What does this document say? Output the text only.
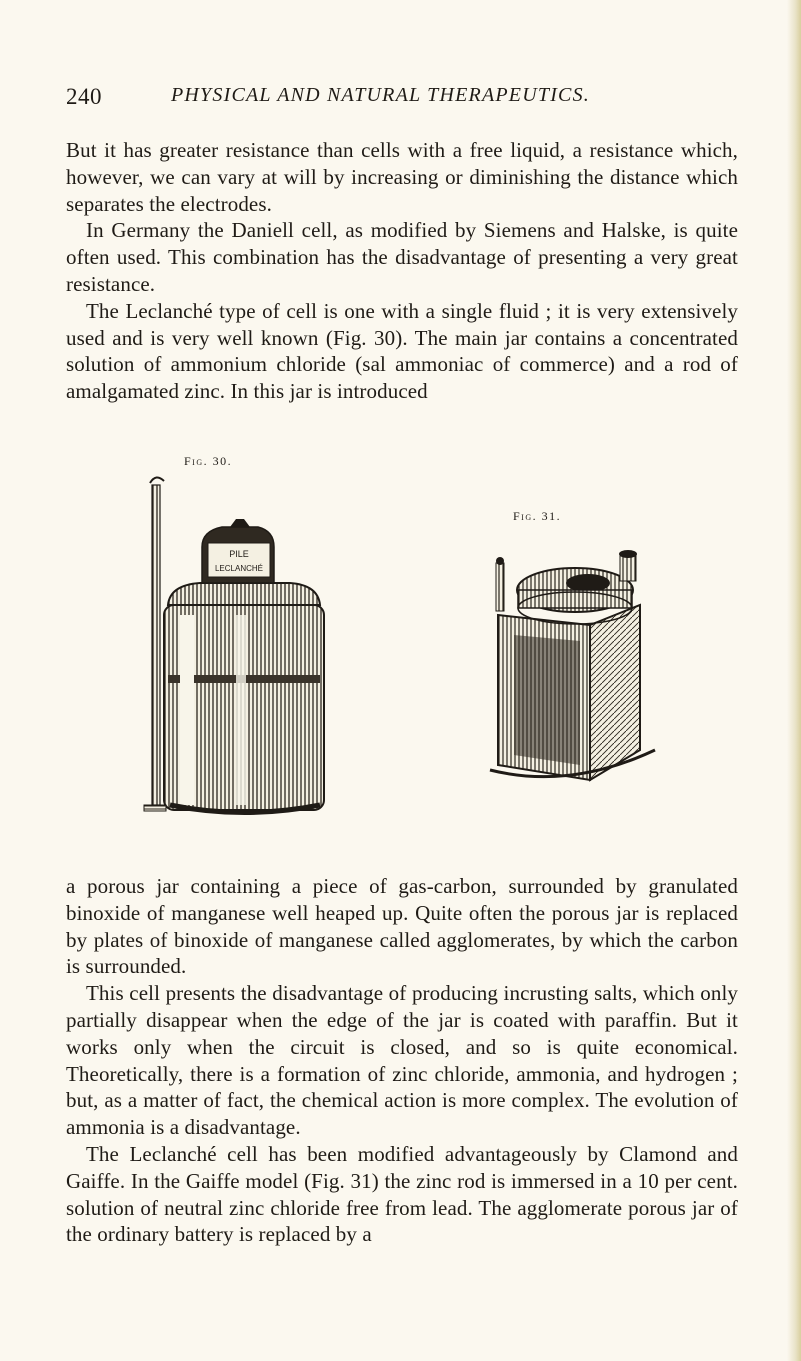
240	PHYSICAL AND NATURAL THERAPEUTICS.

But it has greater resistance than cells with a free liquid, a resistance which, however, we can vary at will by increasing or diminishing the distance which separates the electrodes.

In Germany the Daniell cell, as modified by Siemens and Halske, is quite often used. This combination has the disadvantage of presenting a very great resistance.

The Leclanché type of cell is one with a single fluid ; it is very extensively used and is very well known (Fig. 30). The main jar contains a concentrated solution of ammonium chloride (sal ammoniac of commerce) and a rod of amalgamated zinc. In this jar is introduced

Fig. 30.
Fig. 31.
PILE
LECLANCHÉ

a porous jar containing a piece of gas-carbon, surrounded by granulated binoxide of manganese well heaped up. Quite often the porous jar is replaced by plates of binoxide of manganese called agglomerates, by which the carbon is surrounded.

This cell presents the disadvantage of producing incrusting salts, which only partially disappear when the edge of the jar is coated with paraffin. But it works only when the circuit is closed, and so is quite economical. Theoretically, there is a formation of zinc chloride, ammonia, and hydrogen ; but, as a matter of fact, the chemical action is more complex. The evolution of ammonia is a disadvantage.

The Leclanché cell has been modified advantageously by Clamond and Gaiffe. In the Gaiffe model (Fig. 31) the zinc rod is immersed in a 10 per cent. solution of neutral zinc chloride free from lead. The agglomerate porous jar of the ordinary battery is replaced by a
